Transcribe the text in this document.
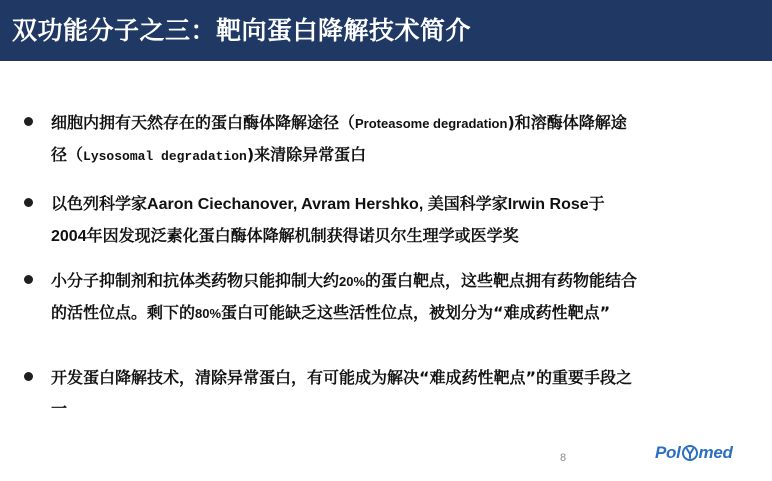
双功能分子之三：靶向蛋白降解技术简介
细胞内拥有天然存在的蛋白酶体降解途径（Proteasome degradation)和溶酶体降解途
径（Lysosomal degradation)来清除异常蛋白
以色列科学家Aaron Ciechanover, Avram Hershko, 美国科学家Irwin Rose于
2004年因发现泛素化蛋白酶体降解机制获得诺贝尔生理学或医学奖
小分子抑制剂和抗体类药物只能抑制大约20%的蛋白靶点，这些靶点拥有药物能结合
的活性位点。剩下的80%蛋白可能缺乏这些活性位点，被划分为“难成药性靶点”
开发蛋白降解技术，清除异常蛋白，有可能成为解决“难成药性靶点”的重要手段之
一
8	Pol med
